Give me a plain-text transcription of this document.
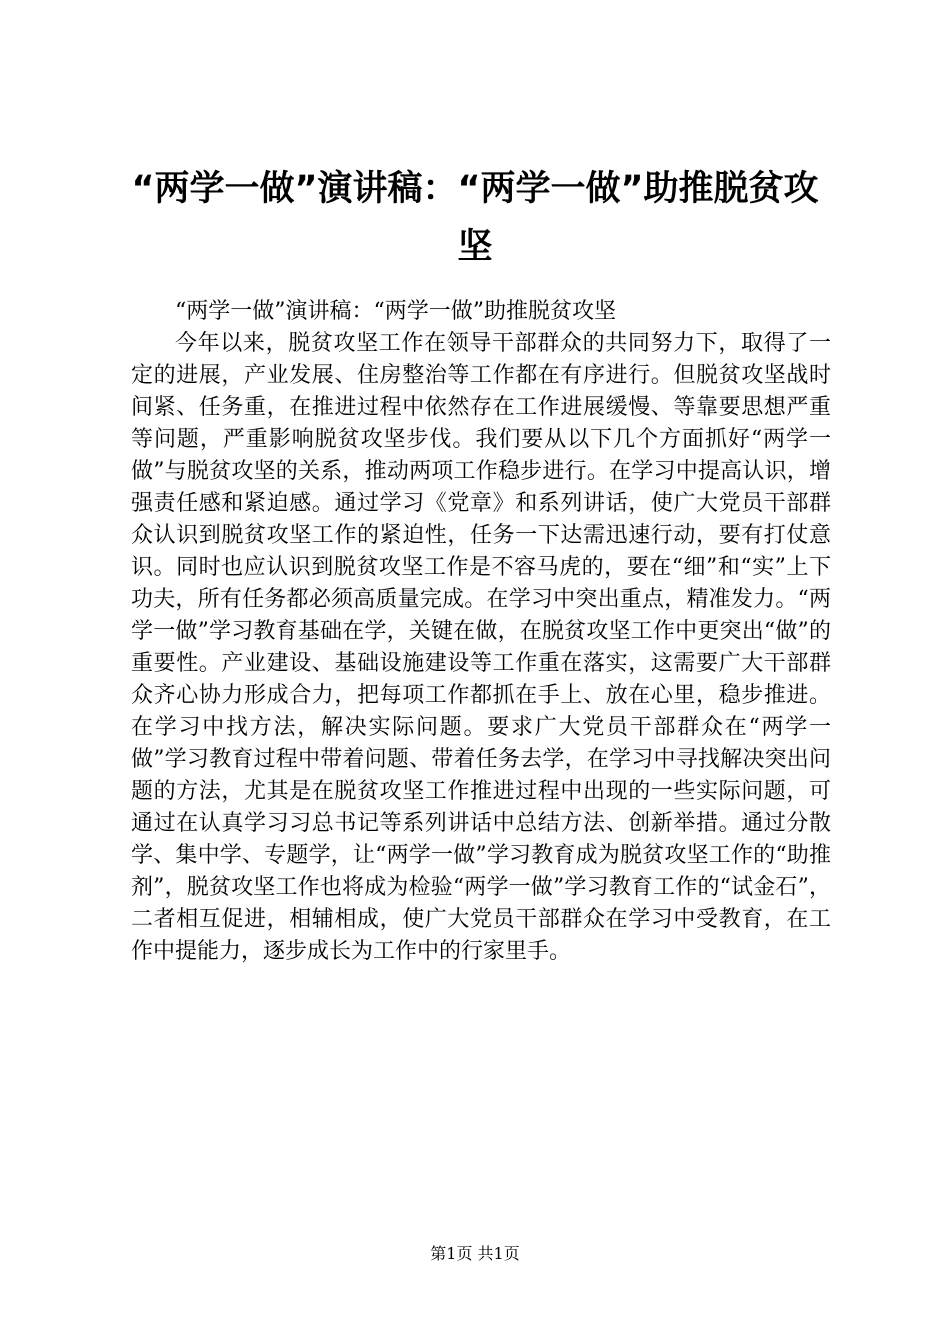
“两学一做”演讲稿：“两学一做”助推脱贫攻坚

“两学一做”演讲稿：“两学一做”助推脱贫攻坚

今年以来，脱贫攻坚工作在领导干部群众的共同努力下，取得了一定的进展，产业发展、住房整治等工作都在有序进行。但脱贫攻坚战时间紧、任务重，在推进过程中依然存在工作进展缓慢、等靠要思想严重等问题，严重影响脱贫攻坚步伐。我们要从以下几个方面抓好“两学一做”与脱贫攻坚的关系，推动两项工作稳步进行。在学习中提高认识，增强责任感和紧迫感。通过学习《党章》和系列讲话，使广大党员干部群众认识到脱贫攻坚工作的紧迫性，任务一下达需迅速行动，要有打仗意识。同时也应认识到脱贫攻坚工作是不容马虎的，要在“细”和“实”上下功夫，所有任务都必须高质量完成。在学习中突出重点，精准发力。“两学一做”学习教育基础在学，关键在做，在脱贫攻坚工作中更突出“做”的重要性。产业建设、基础设施建设等工作重在落实，这需要广大干部群众齐心协力形成合力，把每项工作都抓在手上、放在心里，稳步推进。在学习中找方法，解决实际问题。要求广大党员干部群众在“两学一做”学习教育过程中带着问题、带着任务去学，在学习中寻找解决突出问题的方法，尤其是在脱贫攻坚工作推进过程中出现的一些实际问题，可通过在认真学习习总书记等系列讲话中总结方法、创新举措。通过分散学、集中学、专题学，让“两学一做”学习教育成为脱贫攻坚工作的“助推剂”，脱贫攻坚工作也将成为检验“两学一做”学习教育工作的“试金石”，二者相互促进，相辅相成，使广大党员干部群众在学习中受教育，在工作中提能力，逐步成长为工作中的行家里手。

第1页 共1页
